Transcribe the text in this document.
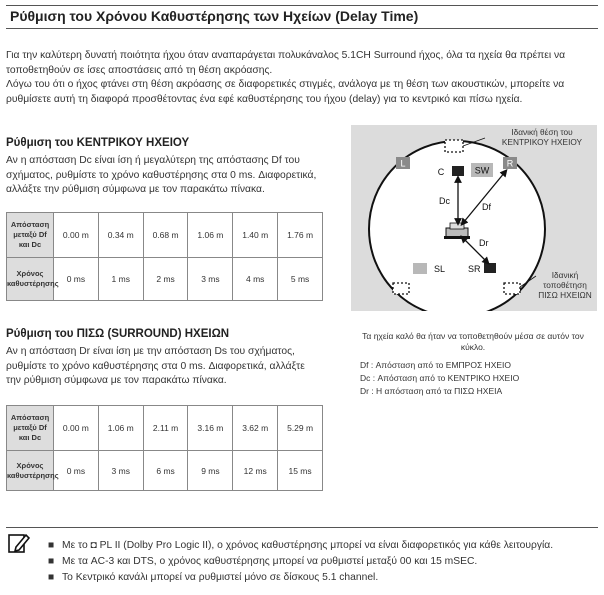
Ρύθμιση του Χρόνου Καθυστέρησης των Ηχείων (Delay Time)

Για την καλύτερη δυνατή ποιότητα ήχου όταν αναπαράγεται πολυκάναλος 5.1CH Surround ήχος, όλα τα ηχεία θα πρέπει να

τοποθετηθούν σε ίσες αποστάσεις από τη θέση ακρόασης.

Λόγω του ότι ο ήχος φτάνει στη θέση ακρόασης σε διαφορετικές στιγμές, ανάλογα με τη θέση των ακουστικών, μπορείτε να

ρυθμίσετε αυτή τη διαφορά προσθέτοντας ένα εφέ καθυστέρησης του ήχου (delay) για το κεντρικό και πίσω ηχεία.

Ρύθμιση του ΚΕΝΤΡΙΚΟΥ ΗΧΕΙΟΥ

Αν η απόσταση Dc είναι ίση ή μεγαλύτερη της απόστασης Df του

σχήματος, ρυθμίστε το χρόνο καθυστέρησης στα 0 ms. Διαφορετικά,

αλλάξτε την ρύθμιση σύμφωνα με τον παρακάτω πίνακα.

Απόσταση μεταξύ Df και Dc	0.00 m	0.34 m	0.68 m	1.06 m	1.40 m	1.76 m
Χρόνος καθυστέρησης	0 ms	1 ms	2 ms	3 ms	4 ms	5 ms
Ρύθμιση του ΠΙΣΩ (SURROUND) ΗΧΕΙΩΝ

Αν η απόσταση Dr είναι ίση με την απόσταση Ds του σχήματος,

ρυθμίστε το χρόνο καθυστέρησης στα 0 ms. Διαφορετικά, αλλάξτε

την ρύθμιση σύμφωνα με τον παρακάτω πίνακα.

Απόσταση μεταξύ Df και Dc	0.00 m	1.06 m	2.11 m	3.16 m	3.62 m	5.29 m
Χρόνος καθυστέρησης	0 ms	3 ms	6 ms	9 ms	12 ms	15 ms
L	R
C	SW
SL	SR
Dc
Df
Dr
Ιδανική θέση του ΚΕΝΤΡΙΚΟΥ ΗΧΕΙΟΥ
Ιδανική τοποθέτηση ΠΙΣΩ ΗΧΕΙΩΝ
Τα ηχεία καλό θα ήταν να τοποθετηθούν μέσα σε αυτόν τον κύκλο.
Df : Απόσταση από το ΕΜΠΡΟΣ ΗΧΕΙΟ
Dc : Απόσταση από το ΚΕΝΤΡΙΚΟ ΗΧΕΙΟ
Dr : Η απόσταση από τα ΠΙΣΩ ΗΧΕΙΑ
■ Με το ◘ PL II (Dolby Pro Logic II), ο χρόνος καθυστέρησης μπορεί να είναι διαφορετικός για κάθε λειτουργία.
■ Με τα AC-3 και DTS, ο χρόνος καθυστέρησης μπορεί να ρυθμιστεί μεταξύ 00 και 15 mSEC.
■ Το Κεντρικό κανάλι μπορεί να ρυθμιστεί μόνο σε δίσκους 5.1 channel.
